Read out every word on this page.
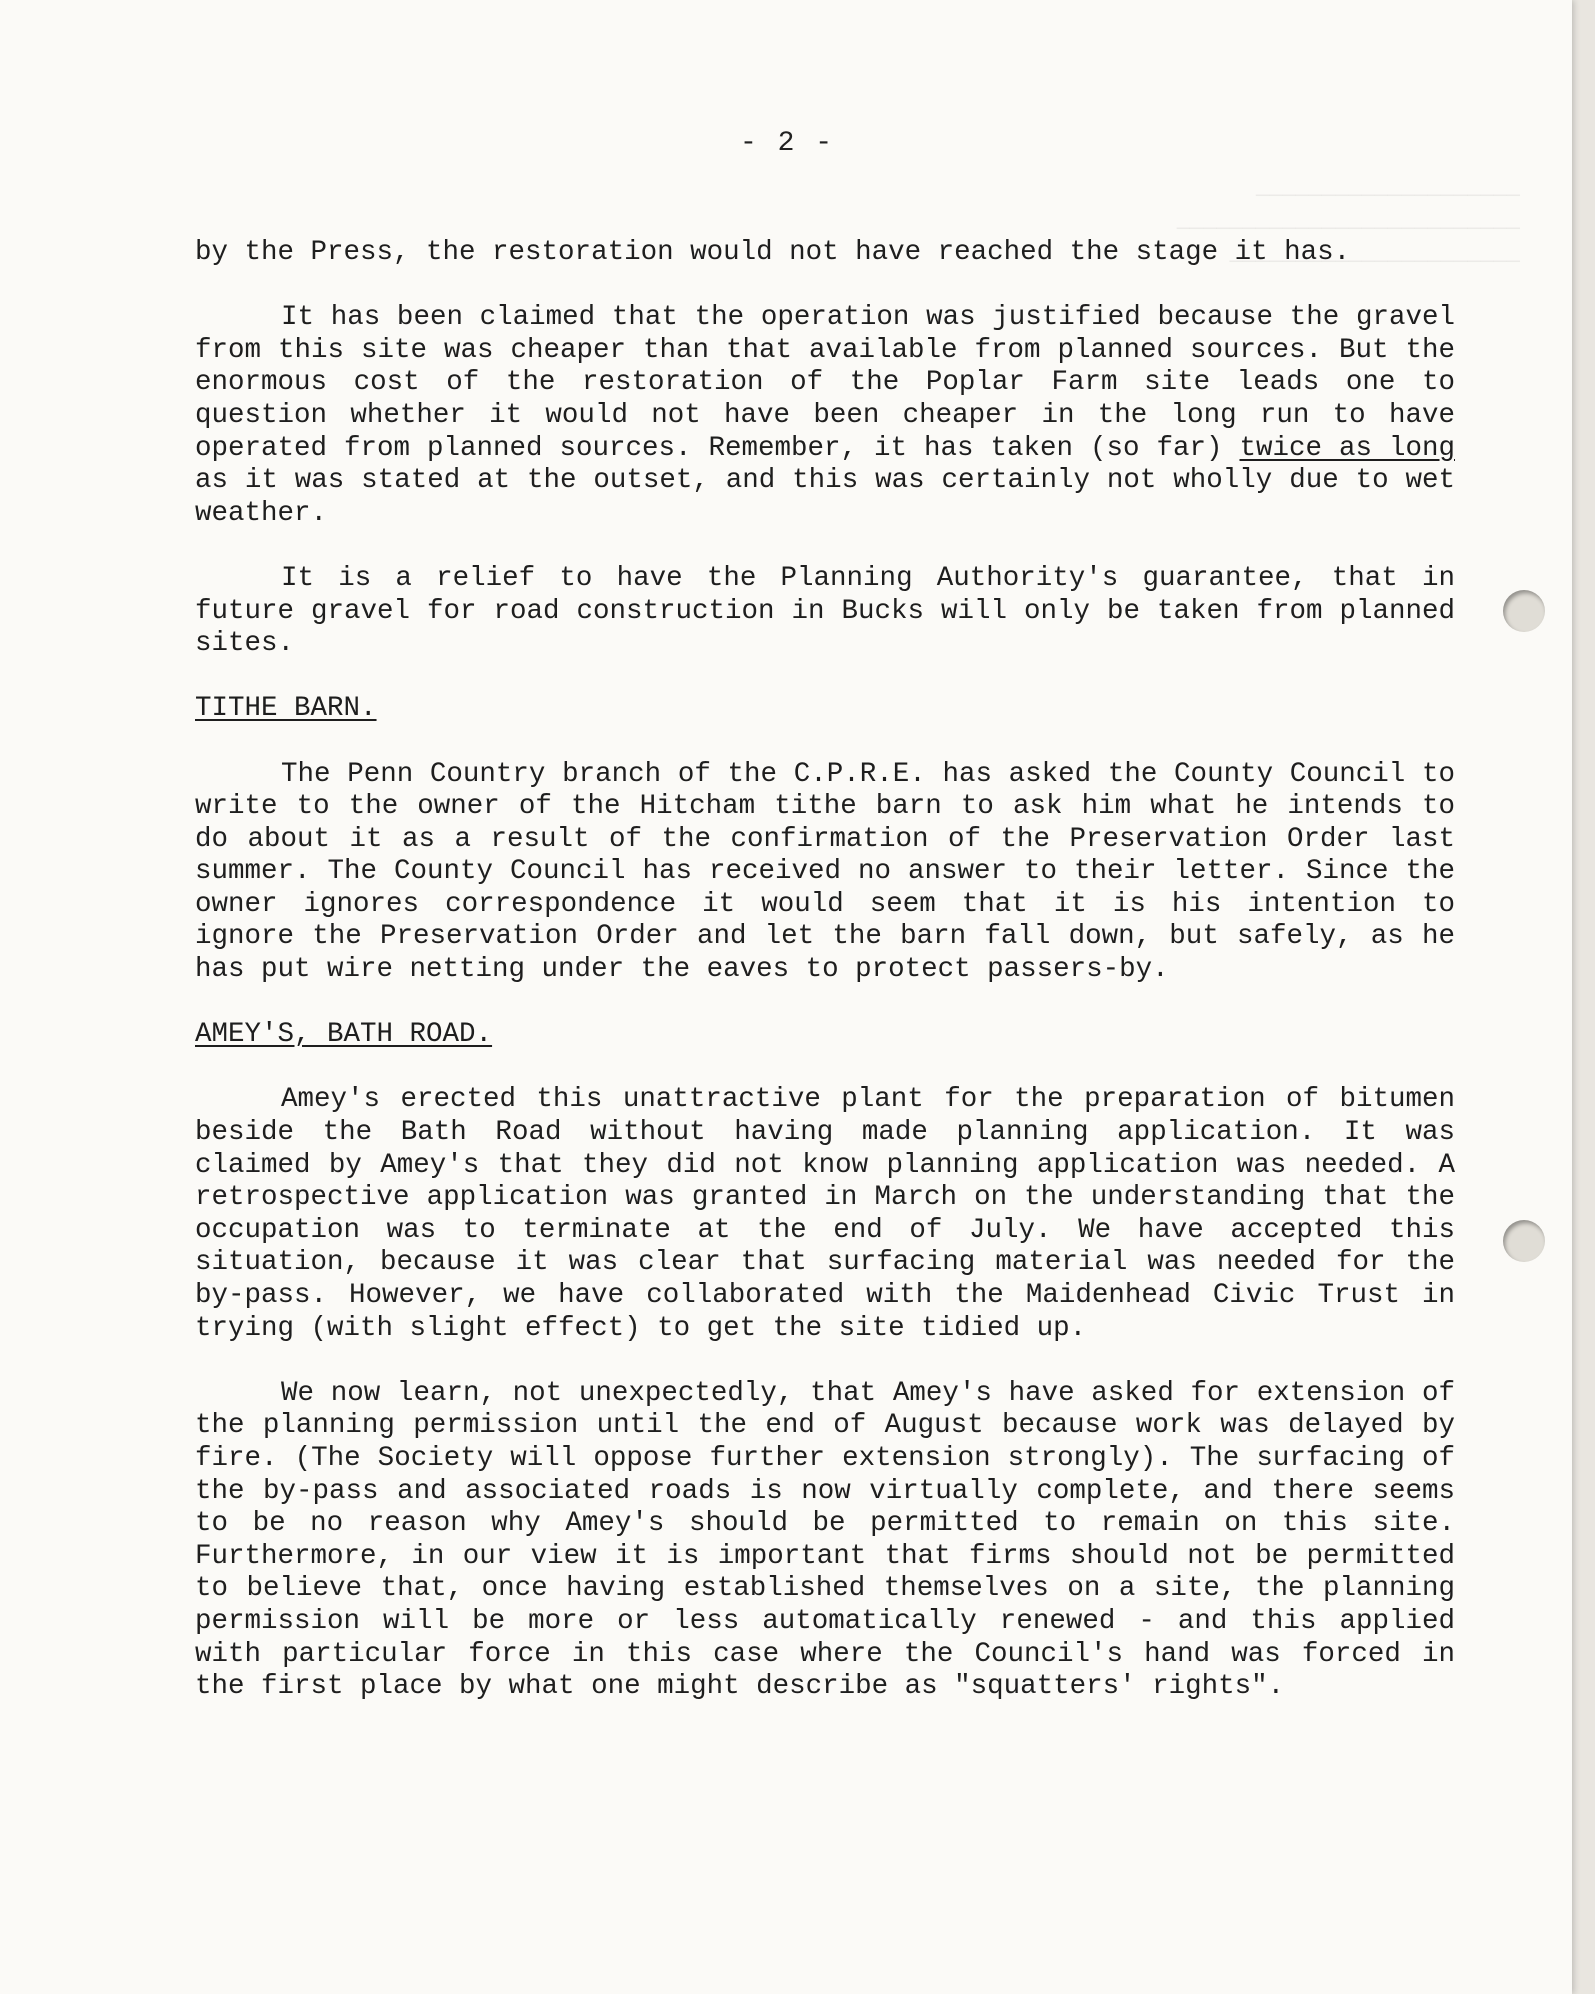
────────────────────
──────────────────────────
──────────────────────
- 2 -

by the Press, the restoration would not have reached the stage it has.

It has been claimed that the operation was justified because the gravel from this site was cheaper than that available from planned sources. But the enormous cost of the restoration of the Poplar Farm site leads one to question whether it would not have been cheaper in the long run to have operated from planned sources. Remember, it has taken (so far) twice as long as it was stated at the outset, and this was certainly not wholly due to wet weather.

It is a relief to have the Planning Authority's guarantee, that in future gravel for road construction in Bucks will only be taken from planned sites.

TITHE BARN.

The Penn Country branch of the C.P.R.E. has asked the County Council to write to the owner of the Hitcham tithe barn to ask him what he intends to do about it as a result of the confirmation of the Preservation Order last summer. The County Council has received no answer to their letter. Since the owner ignores correspondence it would seem that it is his intention to ignore the Preservation Order and let the barn fall down, but safely, as he has put wire netting under the eaves to protect passers-by.

AMEY'S, BATH ROAD.

Amey's erected this unattractive plant for the preparation of bitumen beside the Bath Road without having made planning application. It was claimed by Amey's that they did not know planning application was needed. A retrospective application was granted in March on the understanding that the occupation was to terminate at the end of July. We have accepted this situation, because it was clear that surfacing material was needed for the by-pass. However, we have collaborated with the Maidenhead Civic Trust in trying (with slight effect) to get the site tidied up.

We now learn, not unexpectedly, that Amey's have asked for extension of the planning permission until the end of August because work was delayed by fire. (The Society will oppose further extension strongly). The surfacing of the by-pass and associated roads is now virtually complete, and there seems to be no reason why Amey's should be permitted to remain on this site. Furthermore, in our view it is important that firms should not be permitted to believe that, once having established themselves on a site, the planning permission will be more or less automatically renewed - and this applied with particular force in this case where the Council's hand was forced in the first place by what one might describe as "squatters' rights".
